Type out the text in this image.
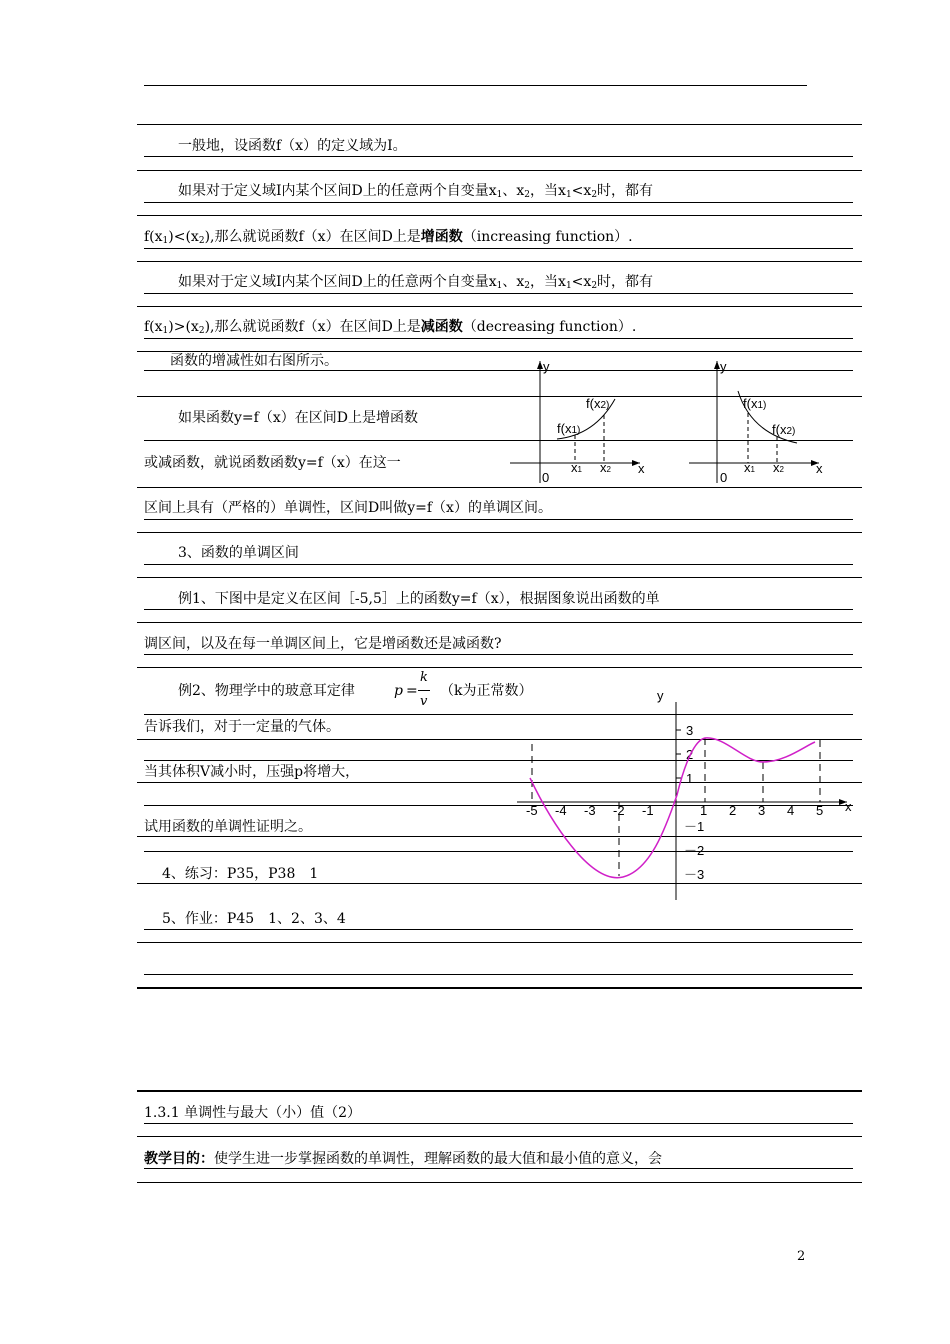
一般地，设函数f（x）的定义域为I。
如果对于定义域I内某个区间D上的任意两个自变量$x_1$、$x_2$，当$x_1<x_2$时，都有
$f(x_1)<(x_2)$,那么就说函数f（x）在区间D上是增函数（increasing function）.
如果对于定义域I内某个区间D上的任意两个自变量$x_1$、$x_2$，当$x_1<x_2$时，都有
$f(x_1)>(x_2)$,那么就说函数f（x）在区间D上是减函数（decreasing function）.
函数的增减性如右图所示。
如果函数y=f（x）在区间D上是增函数
或减函数，就说函数函数y=f（x）在这一
区间上具有（严格的）单调性，区间D叫做y=f（x）的单调区间。
3、函数的单调区间
例1、下图中是定义在区间［-5,5］上的函数y=f（x），根据图象说出函数的单
调区间，以及在每一单调区间上，它是增函数还是减函数?
例2、物理学中的玻意耳定律	p =
k
v
（k为正常数）
告诉我们，对于一定量的气体。
当其体积V减小时，压强p将增大，
试用函数的单调性证明之。
4、练习：P35，P38　1
5、作业：P45　1、2、3、4
1.3.1 单调性与最大（小）值（2）
教学目的：使学生进一步掌握函数的单调性，理解函数的最大值和最小值的意义，会
y
x
0
f(x1)
f(x2)
x1 x2
y
x
0
f(x1)
f(x2)
x1 x2
y
x
-5 -4 -3 -2 -1	1 2 3 4 5
3
2
1
－1
－2
－3
2
